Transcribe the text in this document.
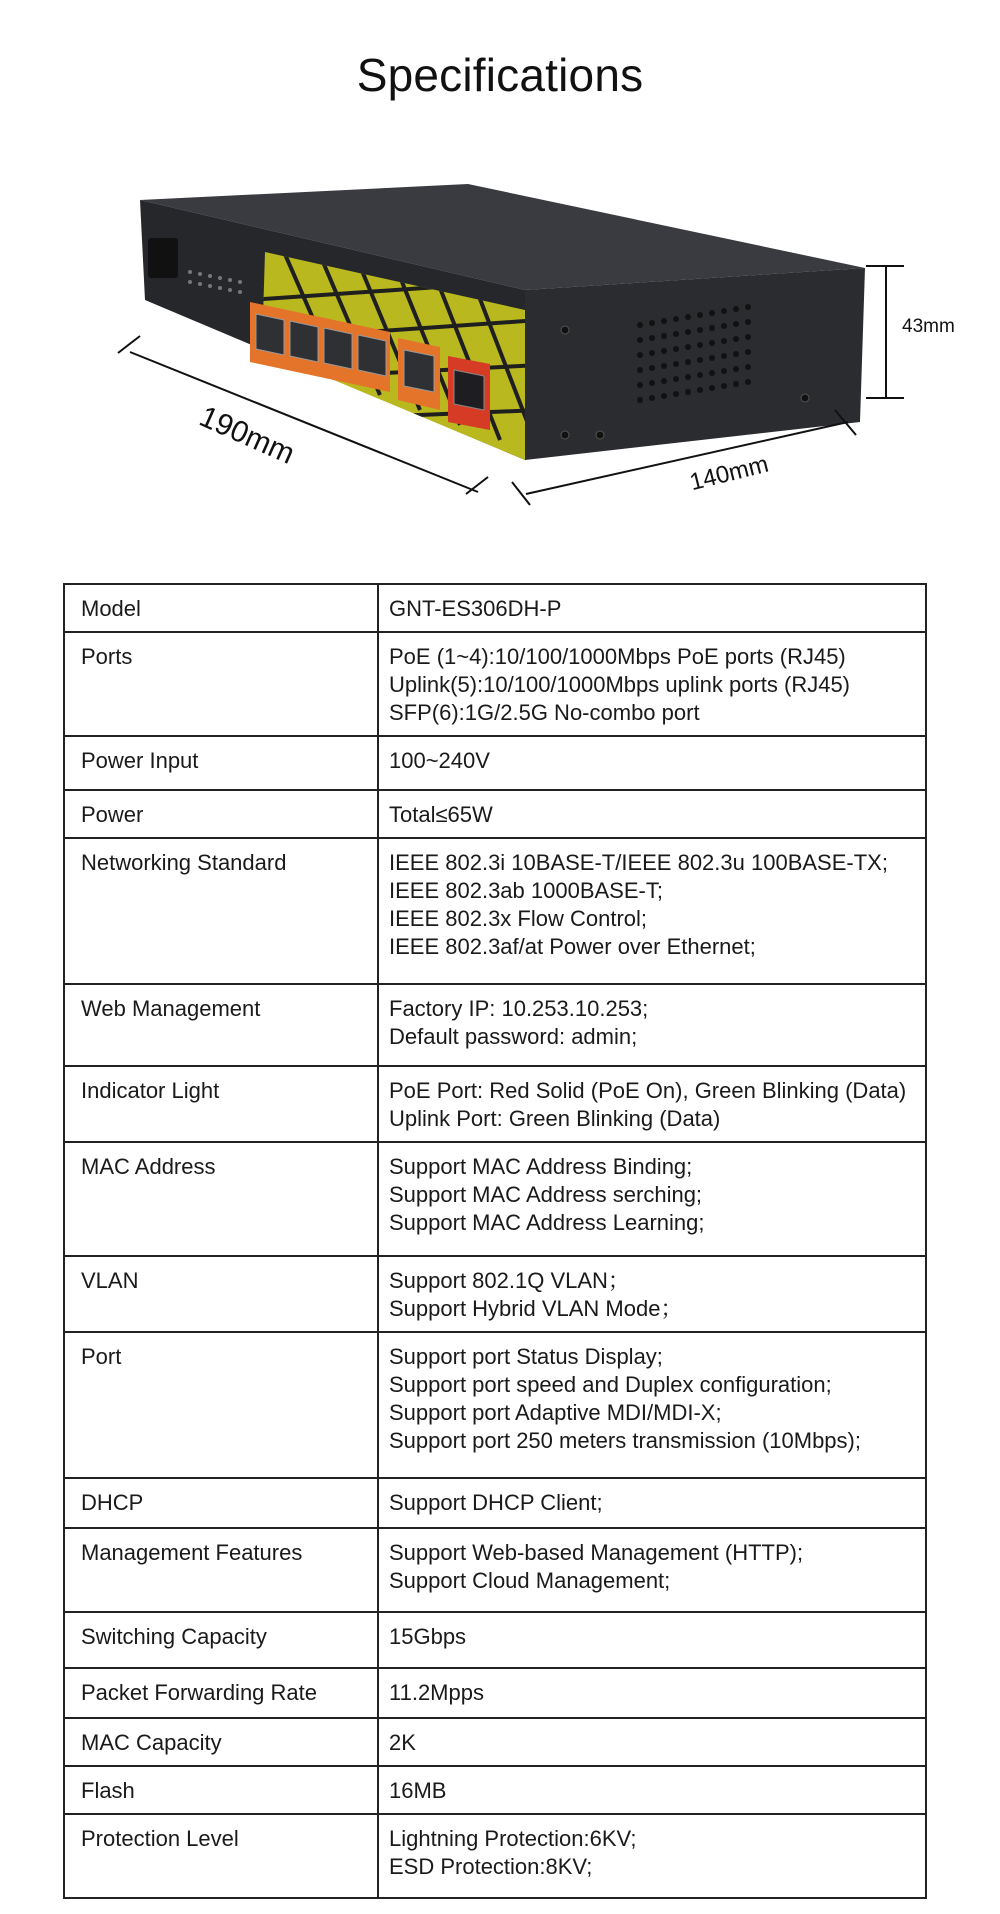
Specifications
190mm
140mm
43mm
Model	GNT-ES306DH-P

Ports	PoE (1~4):10/100/1000Mbps PoE ports (RJ45)
Uplink(5):10/100/1000Mbps uplink ports (RJ45)
SFP(6):1G/2.5G No-combo port

Power Input	100~240V

Power	Total≤65W

Networking Standard	IEEE 802.3i 10BASE-T/IEEE 802.3u 100BASE-TX;
IEEE 802.3ab 1000BASE-T;
IEEE 802.3x Flow Control;
IEEE 802.3af/at Power over Ethernet;

Web Management	Factory IP: 10.253.10.253;
Default password: admin;

Indicator Light	PoE Port: Red Solid (PoE On), Green Blinking (Data)
Uplink Port: Green Blinking (Data)

MAC Address	Support MAC Address Binding;
Support MAC Address serching;
Support MAC Address Learning;

VLAN	Support 802.1Q VLAN；
Support Hybrid VLAN Mode；

Port	Support port Status Display;
Support port speed and Duplex configuration;
Support port Adaptive MDI/MDI-X;
Support port 250 meters transmission (10Mbps);

DHCP	Support DHCP Client;

Management Features	Support Web-based Management (HTTP);
Support Cloud Management;

Switching Capacity	15Gbps

Packet Forwarding Rate	11.2Mpps

MAC Capacity	2K

Flash	16MB

Protection Level	Lightning Protection:6KV;
ESD Protection:8KV;
